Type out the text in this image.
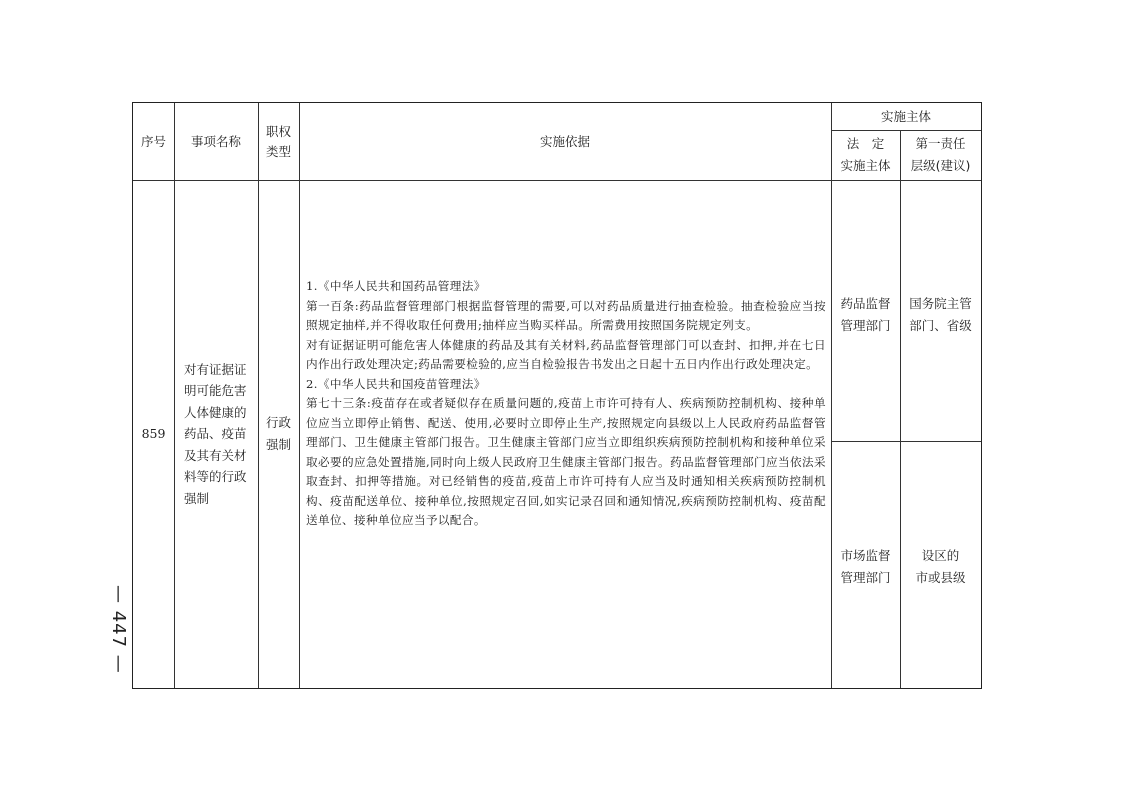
序号	事项名称
职权
类型
实施依据
实施主体
法　定
实施主体
第一责任
层级(建议)
859
对有证据证
明可能危害
人体健康的
药品、疫苗
及其有关材
料等的行政
强制
行政
强制
药品监督
管理部门
国务院主管
部门、省级
市场监督
管理部门
设区的
市或县级
1.《中华人民共和国药品管理法》
第一百条:药品监督管理部门根据监督管理的需要,可以对药品质量进行抽查检验。抽查检验应当按照规定抽样,并不得收取任何费用;抽样应当购买样品。所需费用按照国务院规定列支。
对有证据证明可能危害人体健康的药品及其有关材料,药品监督管理部门可以查封、扣押,并在七日内作出行政处理决定;药品需要检验的,应当自检验报告书发出之日起十五日内作出行政处理决定。
2.《中华人民共和国疫苗管理法》
第七十三条:疫苗存在或者疑似存在质量问题的,疫苗上市许可持有人、疾病预防控制机构、接种单位应当立即停止销售、配送、使用,必要时立即停止生产,按照规定向县级以上人民政府药品监督管理部门、卫生健康主管部门报告。卫生健康主管部门应当立即组织疾病预防控制机构和接种单位采取必要的应急处置措施,同时向上级人民政府卫生健康主管部门报告。药品监督管理部门应当依法采取查封、扣押等措施。对已经销售的疫苗,疫苗上市许可持有人应当及时通知相关疾病预防控制机构、疫苗配送单位、接种单位,按照规定召回,如实记录召回和通知情况,疾病预防控制机构、疫苗配送单位、接种单位应当予以配合。
— 447 —
